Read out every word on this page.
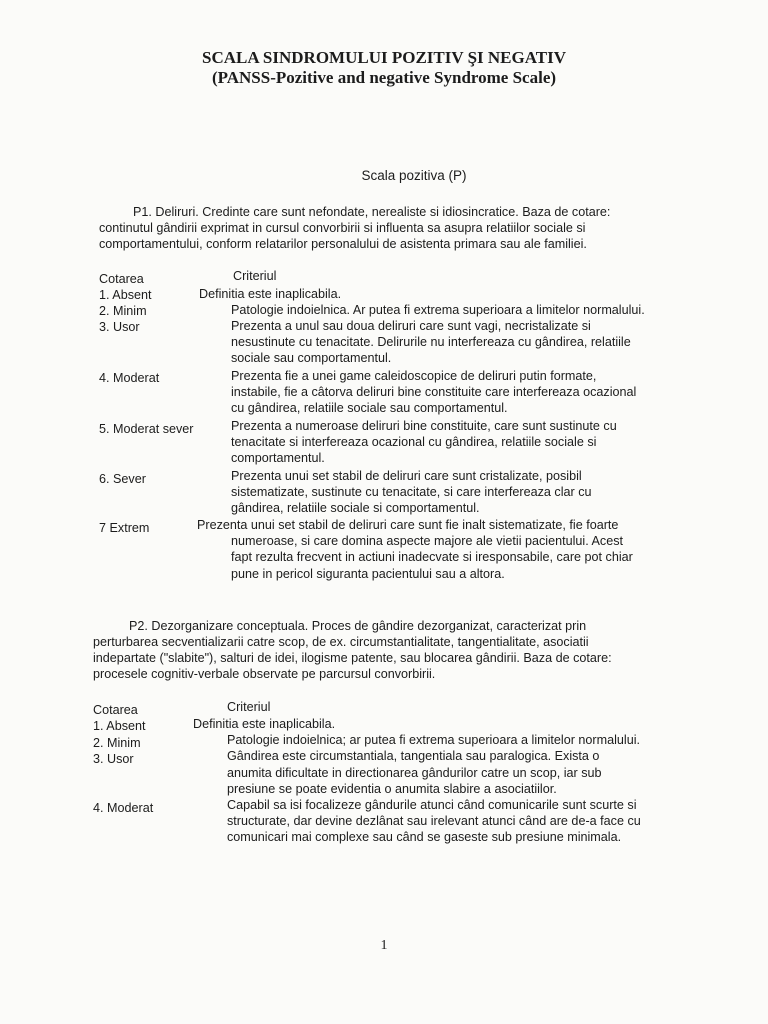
SCALA SINDROMULUI POZITIV ŞI NEGATIV
(PANSS-Pozitive and negative Syndrome Scale)
Scala pozitiva (P)
P1. Deliruri. Credinte care sunt nefondate, nerealiste si idiosincratice. Baza de cotare:
continutul gândirii exprimat in cursul convorbirii si influenta sa asupra relatiilor sociale si
comportamentului, conform relatarilor personalului de asistenta primara sau ale familiei.
Cotarea	Criteriul
1. Absent	Definitia este inaplicabila.
2. Minim	Patologie indoielnica. Ar putea fi extrema superioara a limitelor normalului.
3. Usor	Prezenta a unul sau doua deliruri care sunt vagi, necristalizate si
nesustinute cu tenacitate. Delirurile nu interfereaza cu gândirea, relatiile
sociale sau comportamentul.
4. Moderat	Prezenta fie a unei game caleidoscopice de deliruri putin formate,
instabile, fie a câtorva deliruri bine constituite care interfereaza ocazional
cu gândirea, relatiile sociale sau comportamentul.
5. Moderat sever	Prezenta a numeroase deliruri bine constituite, care sunt sustinute cu
tenacitate si interfereaza ocazional cu gândirea, relatiile sociale si
comportamentul.
6. Sever	Prezenta unui set stabil de deliruri care sunt cristalizate, posibil
sistematizate, sustinute cu tenacitate, si care interfereaza clar cu
gândirea, relatiile sociale si comportamentul.
7 Extrem	Prezenta unui set stabil de deliruri care sunt fie inalt sistematizate, fie foarte
numeroase, si care domina aspecte majore ale vietii pacientului. Acest
fapt rezulta frecvent in actiuni inadecvate si iresponsabile, care pot chiar
pune in pericol siguranta pacientului sau a altora.
P2. Dezorganizare conceptuala. Proces de gândire dezorganizat, caracterizat prin
perturbarea secventializarii catre scop, de ex. circumstantialitate, tangentialitate, asociatii
indepartate ("slabite"), salturi de idei, ilogisme patente, sau blocarea gândirii. Baza de cotare:
procesele cognitiv-verbale observate pe parcursul convorbirii.
Cotarea	Criteriul
1. Absent	Definitia este inaplicabila.
2. Minim	Patologie indoielnica; ar putea fi extrema superioara a limitelor normalului.
3. Usor	Gândirea este circumstantiala, tangentiala sau paralogica. Exista o
anumita dificultate in directionarea gândurilor catre un scop, iar sub
presiune se poate evidentia o anumita slabire a asociatiilor.
4. Moderat	Capabil sa isi focalizeze gândurile atunci când comunicarile sunt scurte si
structurate, dar devine dezlânat sau irelevant atunci când are de-a face cu
comunicari mai complexe sau când se gaseste sub presiune minimala.
1
